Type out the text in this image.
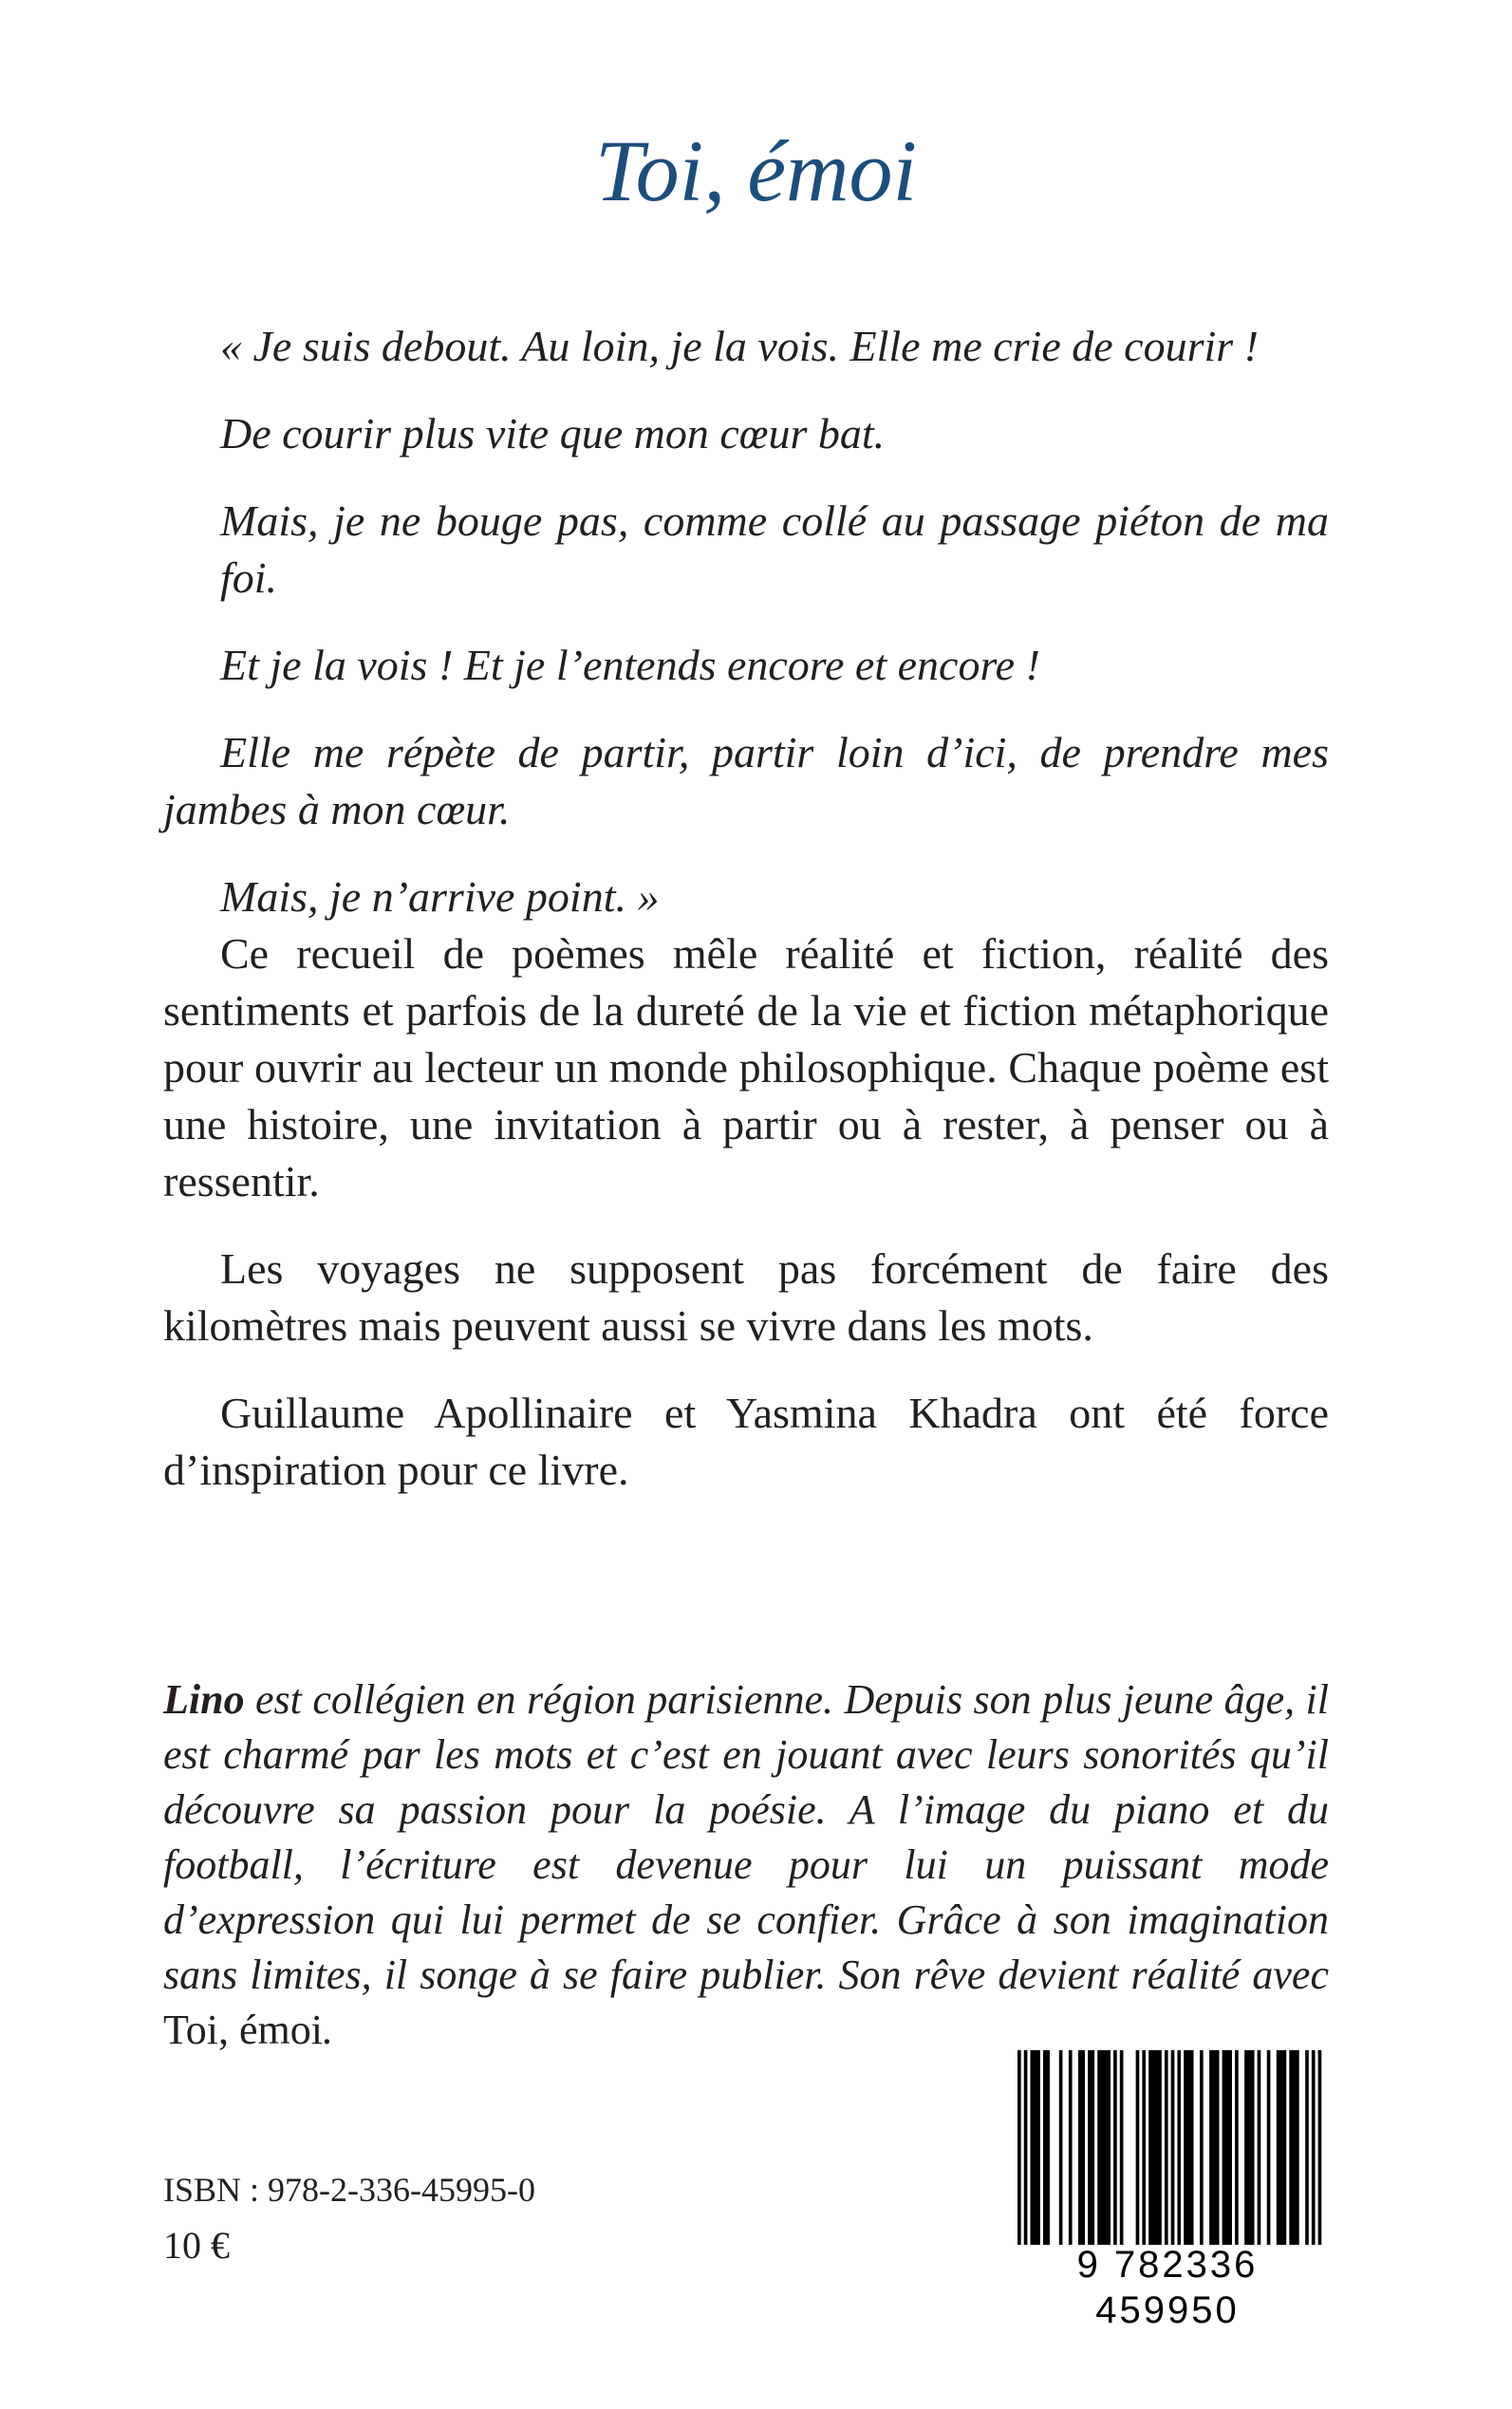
Toi, émoi

« Je suis debout. Au loin, je la vois. Elle me crie de courir !

De courir plus vite que mon cœur bat.

Mais, je ne bouge pas, comme collé au passage piéton de ma foi.

Et je la vois ! Et je l’entends encore et encore !

Elle me répète de partir, partir loin d’ici, de prendre mes jambes à mon cœur.

Mais, je n’arrive point. »

Ce recueil de poèmes mêle réalité et fiction, réalité des sentiments et parfois de la dureté de la vie et fiction métaphorique pour ouvrir au lecteur un monde philosophique. Chaque poème est une histoire, une invitation à partir ou à rester, à penser ou à ressentir.

Les voyages ne supposent pas forcément de faire des kilomètres mais peuvent aussi se vivre dans les mots.

Guillaume Apollinaire et Yasmina Khadra ont été force d’inspiration pour ce livre.

Lino est collégien en région parisienne. Depuis son plus jeune âge, il est charmé par les mots et c’est en jouant avec leurs sonorités qu’il découvre sa passion pour la poésie. A l’image du piano et du football, l’écriture est devenue pour lui un puissant mode d’expression qui lui permet de se confier. Grâce à son imagination sans limites, il songe à se faire publier. Son rêve devient réalité avec Toi, émoi.

ISBN : 978-2-336-45995-0

10 €	9 782336 459950
